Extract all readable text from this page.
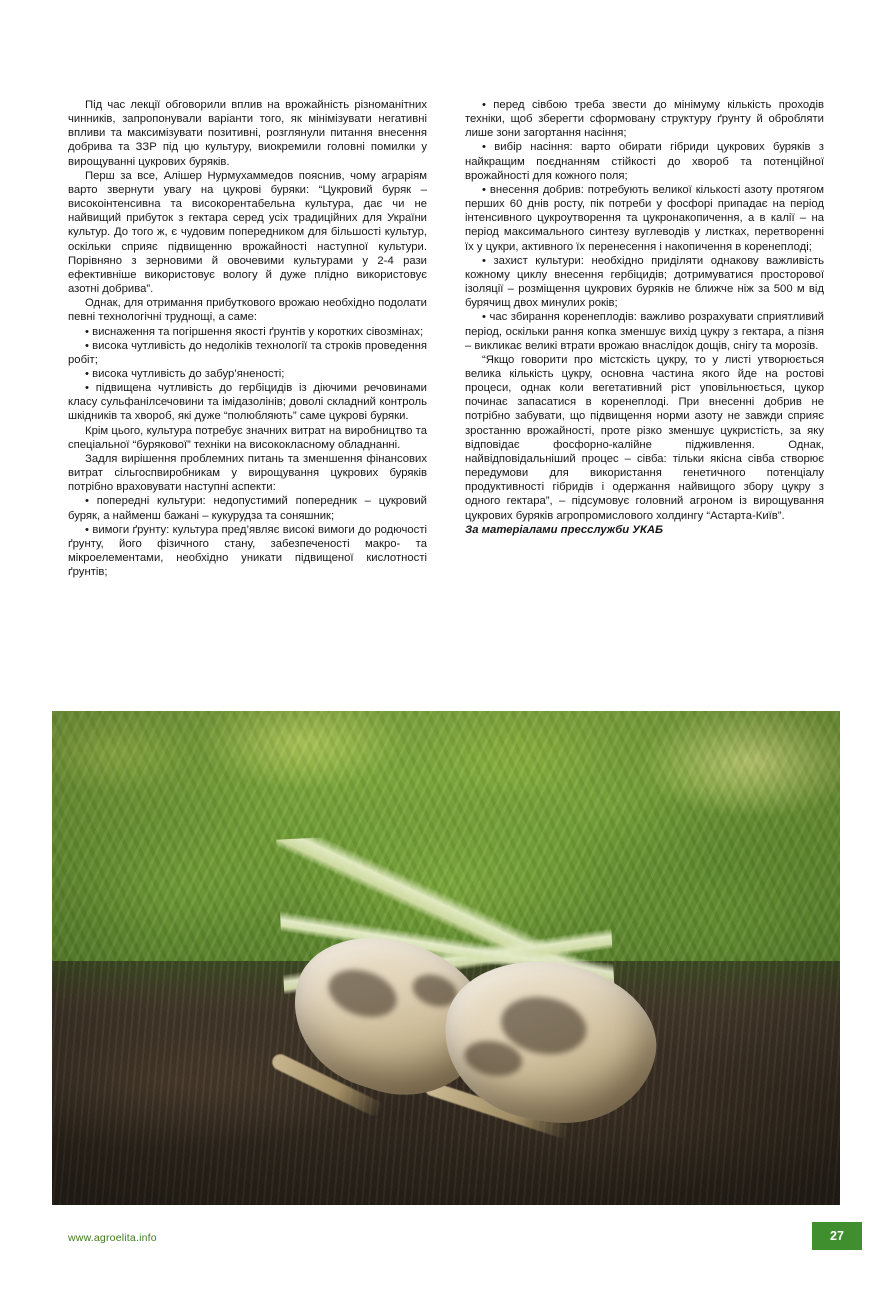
Під час лекції обговорили вплив на врожайність різноманітних чинників, запропонували варіанти того, як мінімізувати негативні впливи та максимізувати позитивні, розглянули питання внесення добрива та ЗЗР під цю культуру, виокремили головні помилки у вирощуванні цукрових буряків.

Перш за все, Алішер Нурмухаммедов пояснив, чому аграріям варто звернути увагу на цукрові буряки: “Цукровий буряк – високоінтенсивна та високорентабельна культура, дає чи не найвищий прибуток з гектара серед усіх традиційних для України культур. До того ж, є чудовим попередником для більшості культур, оскільки сприяє підвищенню врожайності наступної культури. Порівняно з зерновими й овочевими культурами у 2-4 рази ефективніше використовує вологу й дуже плідно використовує азотні добрива”.

Однак, для отримання прибуткового врожаю необхідно подолати певні технологічні труднощі, а саме:

• виснаження та погіршення якості ґрунтів у коротких сівозмінах;

• висока чутливість до недоліків технології та строків проведення робіт;

• висока чутливість до забур’яненості;

• підвищена чутливість до гербіцидів із діючими речовинами класу сульфанілсечовини та імідазолінів; доволі складний контроль шкідників та хвороб, які дуже “полюбляють” саме цукрові буряки.

Крім цього, культура потребує значних витрат на виробництво та спеціальної “бурякової” техніки на висококласному обладнанні.

Задля вирішення проблемних питань та зменшення фінансових витрат сільгоспвиробникам у вирощування цукрових буряків потрібно враховувати наступні аспекти:

• попередні культури: недопустимий попередник – цукровий буряк, а найменш бажані – кукурудза та соняшник;

• вимоги ґрунту: культура пред’являє високі вимоги до родючості ґрунту, його фізичного стану, забезпеченості макро- та мікроелементами, необхідно уникати підвищеної кислотності ґрунтів;

• перед сівбою треба звести до мінімуму кількість проходів техніки, щоб зберегти сформовану структуру ґрунту й обробляти лише зони загортання насіння;

• вибір насіння: варто обирати гібриди цукрових буряків з найкращим поєднанням стійкості до хвороб та потенційної врожайності для кожного поля;

• внесення добрив: потребують великої кількості азоту протягом перших 60 днів росту, пік потреби у фосфорі припадає на період інтенсивного цукроутворення та цукронакопичення, а в калії – на період максимального синтезу вуглеводів у листках, перетворенні їх у цукри, активного їх перенесення і накопичення в коренеплоді;

• захист культури: необхідно приділяти однакову важливість кожному циклу внесення гербіцидів; дотримуватися просторової ізоляції – розміщення цукрових буряків не ближче ніж за 500 м від бурячищ двох минулих років;

• час збирання коренеплодів: важливо розрахувати сприятливий період, оскільки рання копка зменшує вихід цукру з гектара, а пізня – викликає великі втрати врожаю внаслідок дощів, снігу та морозів.

“Якщо говорити про містскість цукру, то у листі утворюється велика кількість цукру, основна частина якого йде на ростові процеси, однак коли вегетативний ріст уповільнюється, цукор починає запасатися в коренеплоді. При внесенні добрив не потрібно забувати, що підвищення норми азоту не завжди сприяє зростанню врожайності, проте різко зменшує цукристість, за яку відповідає фосфорно-калійне підживлення. Однак, найвідповідальніший процес – сівба: тільки якісна сівба створює передумови для використання генетичного потенціалу продуктивності гібридів і одержання найвищого збору цукру з одного гектара”, – підсумовує головний агроном із вирощування цукрових буряків агропромислового холдингу “Астарта-Київ”.

За матеріалами пресслужби УКАБ

www.agroelita.info	27
